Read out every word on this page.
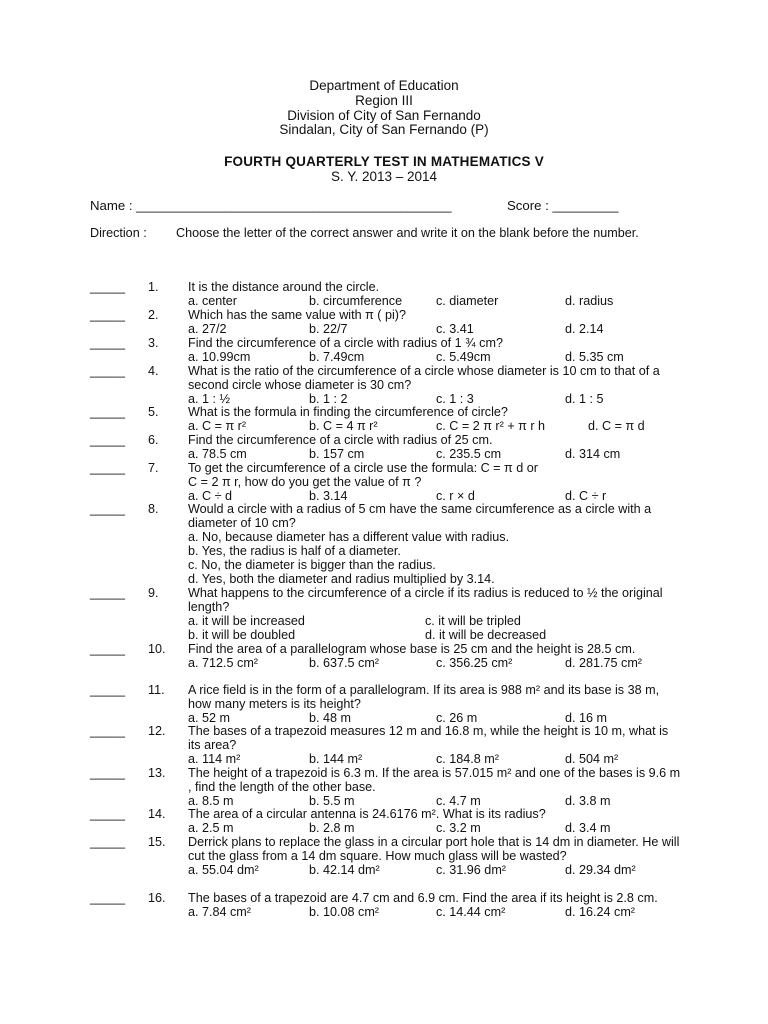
Department of Education
Region III
Division of City of San Fernando
Sindalan, City of San Fernando (P)
FOURTH QUARTERLY TEST IN MATHEMATICS V
S. Y. 2013 – 2014
Name : ___________________________________________	Score : _________
Direction : Choose the letter of the correct answer and write it on the blank before the number.
_____ 1. It is the distance around the circle.
a. center	b. circumference	c. diameter	d. radius
_____ 2. Which has the same value with π ( pi)?
a. 27/2	b. 22/7	c. 3.41	d. 2.14
_____ 3. Find the circumference of a circle with radius of 1 ¾ cm?
a. 10.99cm	b. 7.49cm	c. 5.49cm	d. 5.35 cm
_____ 4. What is the ratio of the circumference of a circle whose diameter is 10 cm to that of a second circle whose diameter is 30 cm?
a. 1 : ½	b. 1 : 2	c. 1 : 3	d. 1 : 5
_____ 5. What is the formula in finding the circumference of circle?
a. C = π r²	b. C = 4 π r²	c. C = 2 π r² + π r h	d. C = π d
_____ 6. Find the circumference of a circle with radius of 25 cm.
a. 78.5 cm	b. 157 cm	c. 235.5 cm	d. 314 cm
_____ 7. To get the circumference of a circle use the formula: C = π d or
C = 2 π r, how do you get the value of π ?
a. C ÷ d	b. 3.14	c. r × d	d. C ÷ r
_____ 8. Would a circle with a radius of 5 cm have the same circumference as a circle with a diameter of 10 cm?
a. No, because diameter has a different value with radius.
b. Yes, the radius is half of a diameter.
c. No, the diameter is bigger than the radius.
d. Yes, both the diameter and radius multiplied by 3.14.
_____ 9. What happens to the circumference of a circle if its radius is reduced to ½ the original length?
a. it will be increased	c. it will be tripled
b. it will be doubled	d. it will be decreased
_____ 10. Find the area of a parallelogram whose base is 25 cm and the height is 28.5 cm.
a. 712.5 cm²	b. 637.5 cm²	c. 356.25 cm²	d. 281.75 cm²
_____ 11. A rice field is in the form of a parallelogram. If its area is 988 m² and its base is 38 m, how many meters is its height?
a. 52 m	b. 48 m	c. 26 m	d. 16 m
_____ 12. The bases of a trapezoid measures 12 m and 16.8 m, while the height is 10 m, what is its area?
a. 114 m²	b. 144 m²	c. 184.8 m²	d. 504 m²
_____ 13. The height of a trapezoid is 6.3 m. If the area is 57.015 m² and one of the bases is 9.6 m , find the length of the other base.
a. 8.5 m	b. 5.5 m	c. 4.7 m	d. 3.8 m
_____ 14. The area of a circular antenna is 24.6176 m². What is its radius?
a. 2.5 m	b. 2.8 m	c. 3.2 m	d. 3.4 m
_____ 15. Derrick plans to replace the glass in a circular port hole that is 14 dm in diameter. He will cut the glass from a 14 dm square. How much glass will be wasted?
a. 55.04 dm²	b. 42.14 dm²	c. 31.96 dm²	d. 29.34 dm²
_____ 16. The bases of a trapezoid are 4.7 cm and 6.9 cm. Find the area if its height is 2.8 cm.
a. 7.84 cm²	b. 10.08 cm²	c. 14.44 cm²	d. 16.24 cm²
